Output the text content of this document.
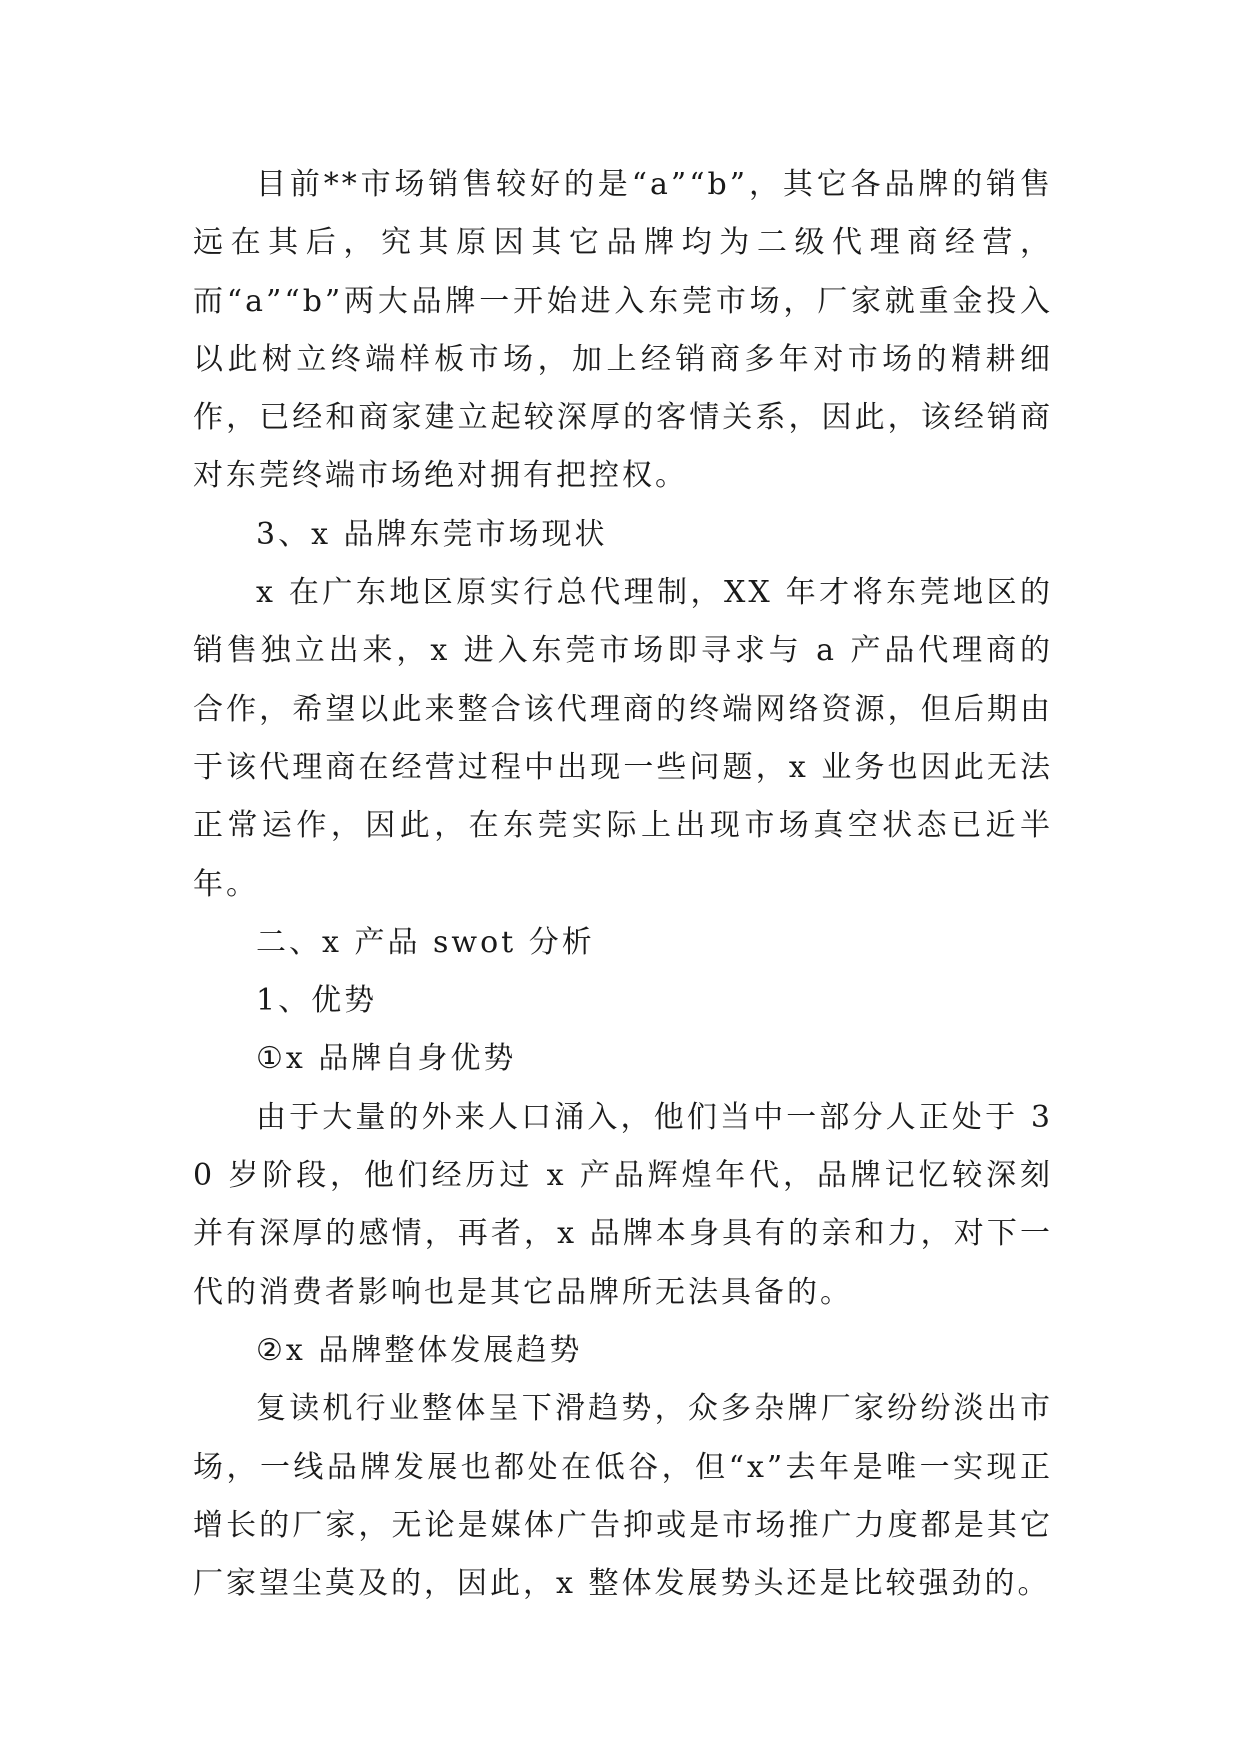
目前**市场销售较好的是“a”“b”，其它各品牌的销售远在其后，究其原因其它品牌均为二级代理商经营，而“a”“b”两大品牌一开始进入东莞市场，厂家就重金投入以此树立终端样板市场，加上经销商多年对市场的精耕细作，已经和商家建立起较深厚的客情关系，因此，该经销商对东莞终端市场绝对拥有把控权。

3、x 品牌东莞市场现状

x 在广东地区原实行总代理制，XX 年才将东莞地区的销售独立出来，x 进入东莞市场即寻求与 a 产品代理商的合作，希望以此来整合该代理商的终端网络资源，但后期由于该代理商在经营过程中出现一些问题，x 业务也因此无法正常运作，因此，在东莞实际上出现市场真空状态已近半年。

二、x 产品 swot 分析

1、优势

①x 品牌自身优势

由于大量的外来人口涌入，他们当中一部分人正处于 30 岁阶段，他们经历过 x 产品辉煌年代，品牌记忆较深刻并有深厚的感情，再者，x 品牌本身具有的亲和力，对下一代的消费者影响也是其它品牌所无法具备的。

②x 品牌整体发展趋势

复读机行业整体呈下滑趋势，众多杂牌厂家纷纷淡出市场，一线品牌发展也都处在低谷，但“x”去年是唯一实现正增长的厂家，无论是媒体广告抑或是市场推广力度都是其它厂家望尘莫及的，因此，x 整体发展势头还是比较强劲的。
